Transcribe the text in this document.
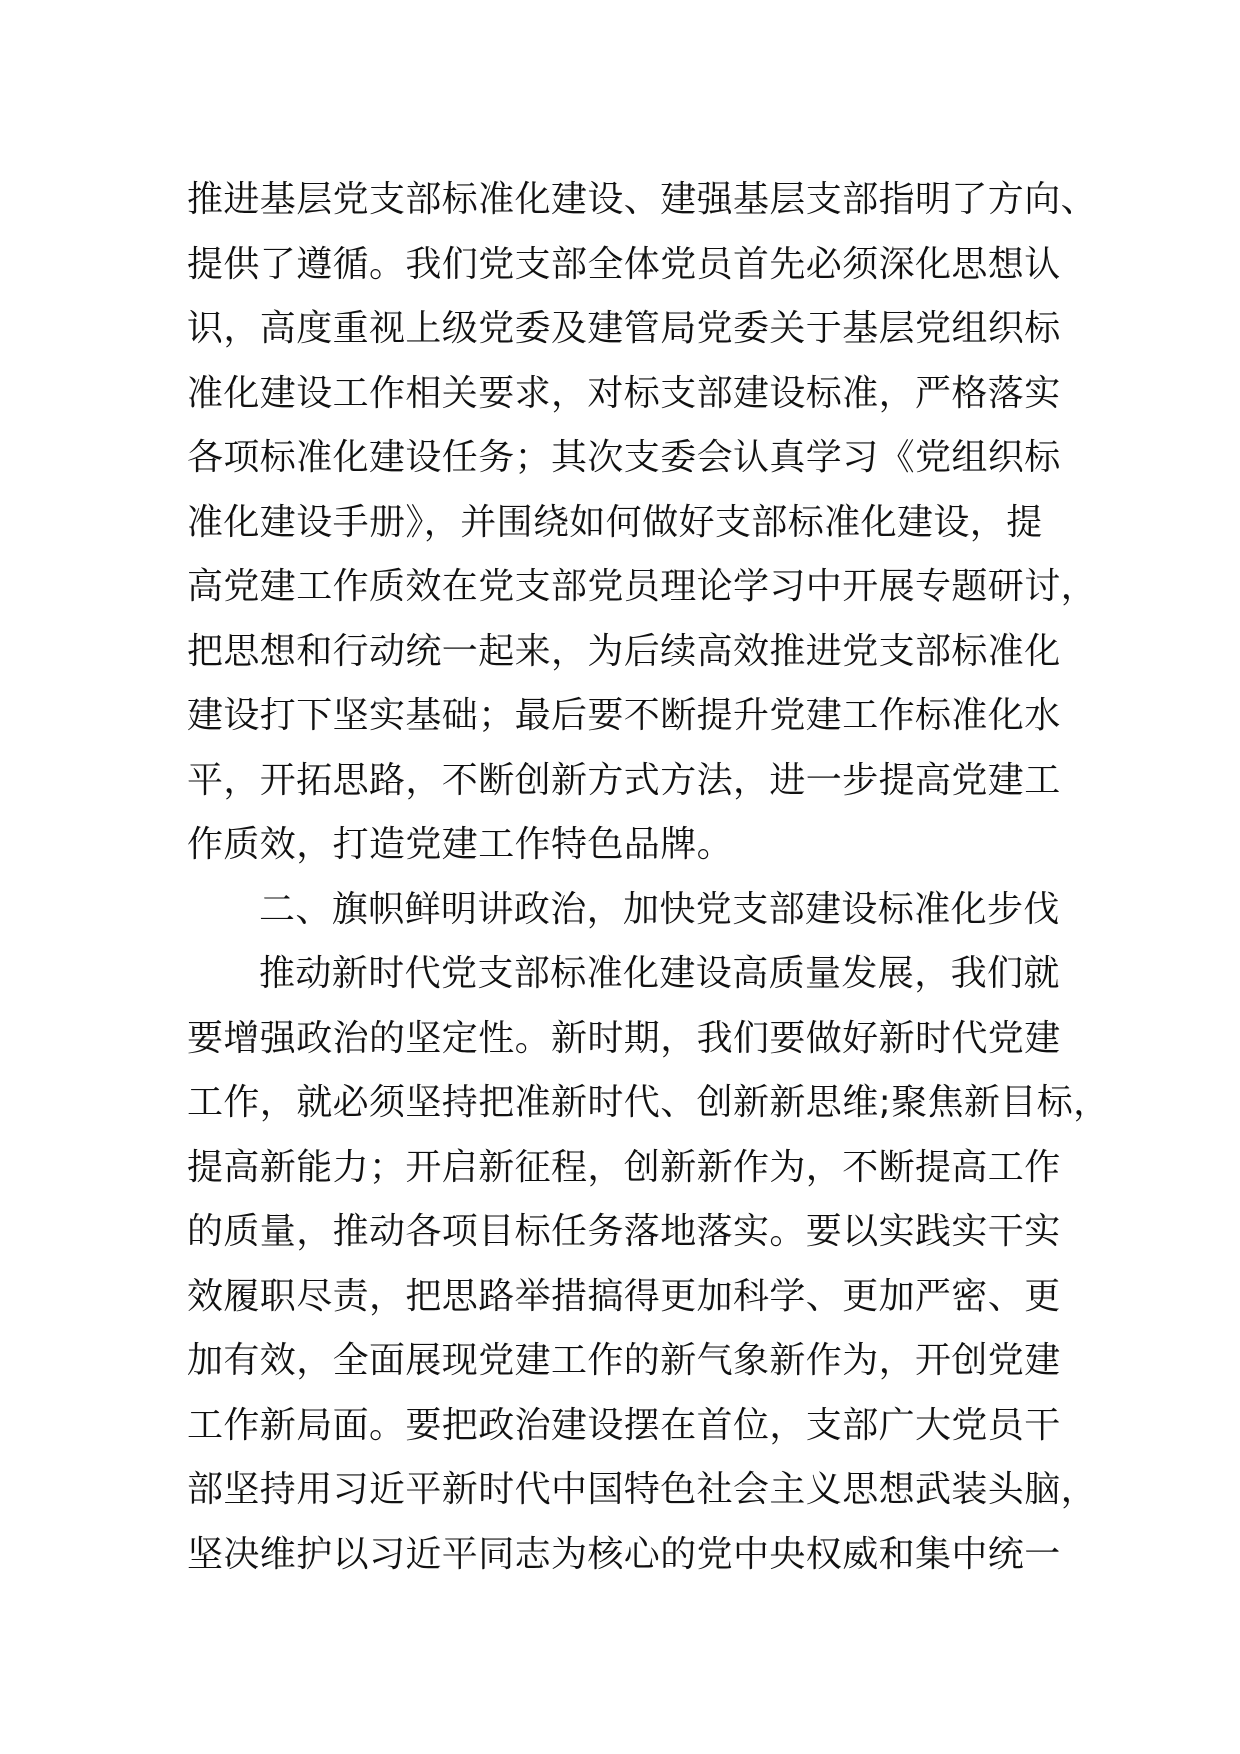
推进基层党支部标准化建设、建强基层支部指明了方向、
提供了遵循。我们党支部全体党员首先必须深化思想认
识，高度重视上级党委及建管局党委关于基层党组织标
准化建设工作相关要求，对标支部建设标准，严格落实
各项标准化建设任务；其次支委会认真学习《党组织标
准化建设手册》，并围绕如何做好支部标准化建设，提
高党建工作质效在党支部党员理论学习中开展专题研讨，
把思想和行动统一起来，为后续高效推进党支部标准化
建设打下坚实基础；最后要不断提升党建工作标准化水
平，开拓思路，不断创新方式方法，进一步提高党建工
作质效，打造党建工作特色品牌。
二、旗帜鲜明讲政治，加快党支部建设标准化步伐
推动新时代党支部标准化建设高质量发展，我们就
要增强政治的坚定性。新时期，我们要做好新时代党建
工作，就必须坚持把准新时代、创新新思维;聚焦新目标，
提高新能力；开启新征程，创新新作为，不断提高工作
的质量，推动各项目标任务落地落实。要以实践实干实
效履职尽责，把思路举措搞得更加科学、更加严密、更
加有效，全面展现党建工作的新气象新作为，开创党建
工作新局面。要把政治建设摆在首位，支部广大党员干
部坚持用习近平新时代中国特色社会主义思想武装头脑，
坚决维护以习近平同志为核心的党中央权威和集中统一
